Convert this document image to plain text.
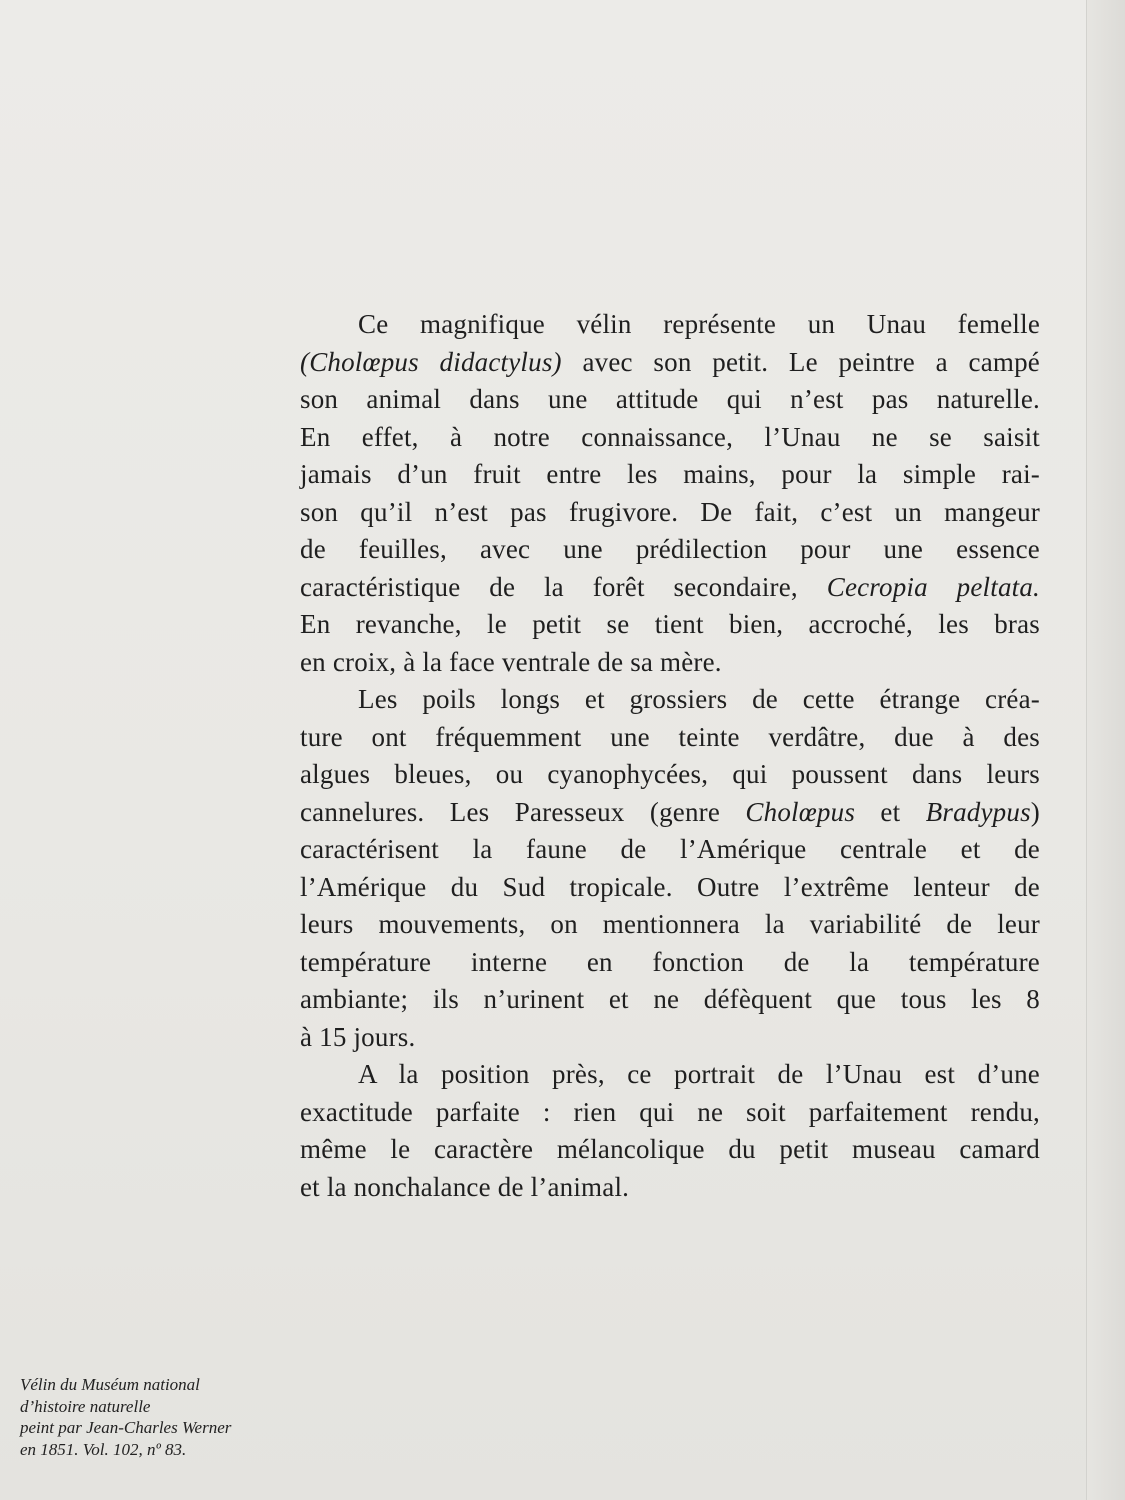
Ce magnifique vélin représente un Unau femelle
(Cholœpus didactylus) avec son petit. Le peintre a campé
son animal dans une attitude qui n’est pas naturelle.
En effet, à notre connaissance, l’Unau ne se saisit
jamais d’un fruit entre les mains, pour la simple rai-
son qu’il n’est pas frugivore. De fait, c’est un mangeur
de feuilles, avec une prédilection pour une essence
caractéristique de la forêt secondaire, Cecropia peltata.
En revanche, le petit se tient bien, accroché, les bras
en croix, à la face ventrale de sa mère.

Les poils longs et grossiers de cette étrange créa-
ture ont fréquemment une teinte verdâtre, due à des
algues bleues, ou cyanophycées, qui poussent dans leurs
cannelures. Les Paresseux (genre Cholœpus et Bradypus)
caractérisent la faune de l’Amérique centrale et de
l’Amérique du Sud tropicale. Outre l’extrême lenteur de
leurs mouvements, on mentionnera la variabilité de leur
température interne en fonction de la température
ambiante; ils n’urinent et ne défèquent que tous les 8
à 15 jours.

A la position près, ce portrait de l’Unau est d’une
exactitude parfaite : rien qui ne soit parfaitement rendu,
même le caractère mélancolique du petit museau camard
et la nonchalance de l’animal.

Vélin du Muséum national
d’histoire naturelle
peint par Jean-Charles Werner
en 1851. Vol. 102, nº 83.
